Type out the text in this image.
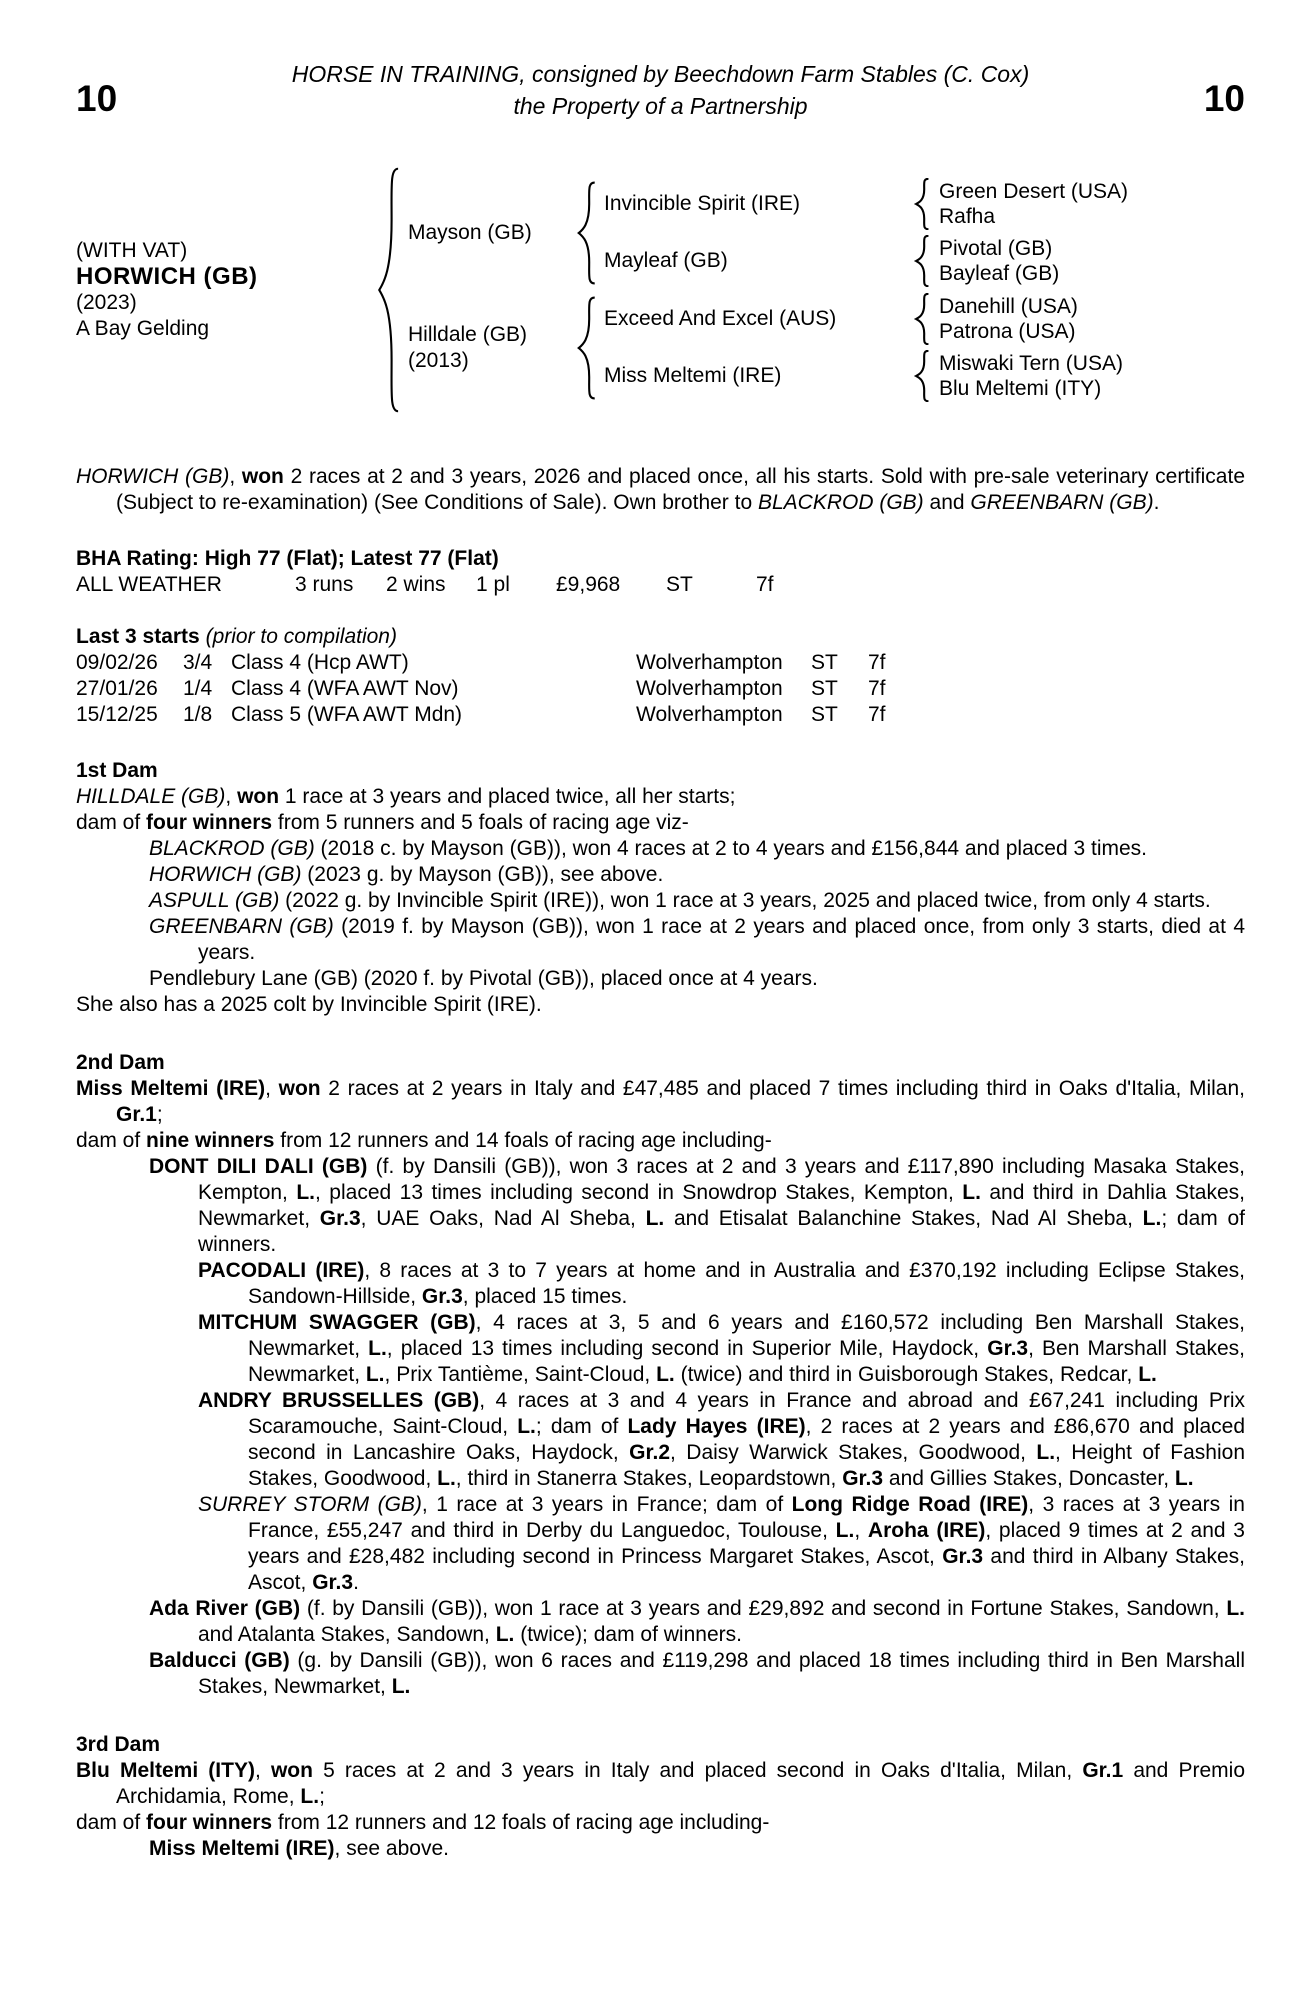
10	10
HORSE IN TRAINING, consigned by Beechdown Farm Stables (C. Cox)
the Property of a Partnership
(WITH VAT)
HORWICH (GB)
(2023)
A Bay Gelding
Mayson (GB)
Invincible Spirit (IRE)
Green Desert (USA)
Rafha
Mayleaf (GB)
Pivotal (GB)
Bayleaf (GB)
Hilldale (GB)
(2013)
Exceed And Excel (AUS)
Danehill (USA)
Patrona (USA)
Miss Meltemi (IRE)
Miswaki Tern (USA)
Blu Meltemi (ITY)
HORWICH (GB), won 2 races at 2 and 3 years, 2026 and placed once, all his starts. Sold with pre-sale veterinary certificate (Subject to re-examination) (See Conditions of Sale). Own brother to BLACKROD (GB) and GREENBARN (GB).
BHA Rating: High 77 (Flat); Latest 77 (Flat)
ALL WEATHER	3 runs	2 wins	1 pl	£9,968	ST	7f
Last 3 starts (prior to compilation)
09/02/26	3/4 Class 4 (Hcp AWT)	Wolverhampton	ST	7f
27/01/26	1/4 Class 4 (WFA AWT Nov)	Wolverhampton	ST	7f
15/12/25	1/8 Class 5 (WFA AWT Mdn)	Wolverhampton	ST	7f
1st Dam
HILLDALE (GB), won 1 race at 3 years and placed twice, all her starts;
dam of four winners from 5 runners and 5 foals of racing age viz-
BLACKROD (GB) (2018 c. by Mayson (GB)), won 4 races at 2 to 4 years and £156,844 and placed 3 times.
HORWICH (GB) (2023 g. by Mayson (GB)), see above.
ASPULL (GB) (2022 g. by Invincible Spirit (IRE)), won 1 race at 3 years, 2025 and placed twice, from only 4 starts.
GREENBARN (GB) (2019 f. by Mayson (GB)), won 1 race at 2 years and placed once, from only 3 starts, died at 4 years.
Pendlebury Lane (GB) (2020 f. by Pivotal (GB)), placed once at 4 years.
She also has a 2025 colt by Invincible Spirit (IRE).
2nd Dam
Miss Meltemi (IRE), won 2 races at 2 years in Italy and £47,485 and placed 7 times including third in Oaks d'Italia, Milan, Gr.1;
dam of nine winners from 12 runners and 14 foals of racing age including-
DONT DILI DALI (GB) (f. by Dansili (GB)), won 3 races at 2 and 3 years and £117,890 including Masaka Stakes, Kempton, L., placed 13 times including second in Snowdrop Stakes, Kempton, L. and third in Dahlia Stakes, Newmarket, Gr.3, UAE Oaks, Nad Al Sheba, L. and Etisalat Balanchine Stakes, Nad Al Sheba, L.; dam of winners.
PACODALI (IRE), 8 races at 3 to 7 years at home and in Australia and £370,192 including Eclipse Stakes, Sandown-Hillside, Gr.3, placed 15 times.
MITCHUM SWAGGER (GB), 4 races at 3, 5 and 6 years and £160,572 including Ben Marshall Stakes, Newmarket, L., placed 13 times including second in Superior Mile, Haydock, Gr.3, Ben Marshall Stakes, Newmarket, L., Prix Tantième, Saint-Cloud, L. (twice) and third in Guisborough Stakes, Redcar, L.
ANDRY BRUSSELLES (GB), 4 races at 3 and 4 years in France and abroad and £67,241 including Prix Scaramouche, Saint-Cloud, L.; dam of Lady Hayes (IRE), 2 races at 2 years and £86,670 and placed second in Lancashire Oaks, Haydock, Gr.2, Daisy Warwick Stakes, Goodwood, L., Height of Fashion Stakes, Goodwood, L., third in Stanerra Stakes, Leopardstown, Gr.3 and Gillies Stakes, Doncaster, L.
SURREY STORM (GB), 1 race at 3 years in France; dam of Long Ridge Road (IRE), 3 races at 3 years in France, £55,247 and third in Derby du Languedoc, Toulouse, L., Aroha (IRE), placed 9 times at 2 and 3 years and £28,482 including second in Princess Margaret Stakes, Ascot, Gr.3 and third in Albany Stakes, Ascot, Gr.3.
Ada River (GB) (f. by Dansili (GB)), won 1 race at 3 years and £29,892 and second in Fortune Stakes, Sandown, L. and Atalanta Stakes, Sandown, L. (twice); dam of winners.
Balducci (GB) (g. by Dansili (GB)), won 6 races and £119,298 and placed 18 times including third in Ben Marshall Stakes, Newmarket, L.
3rd Dam
Blu Meltemi (ITY), won 5 races at 2 and 3 years in Italy and placed second in Oaks d'Italia, Milan, Gr.1 and Premio Archidamia, Rome, L.;
dam of four winners from 12 runners and 12 foals of racing age including-
Miss Meltemi (IRE), see above.
